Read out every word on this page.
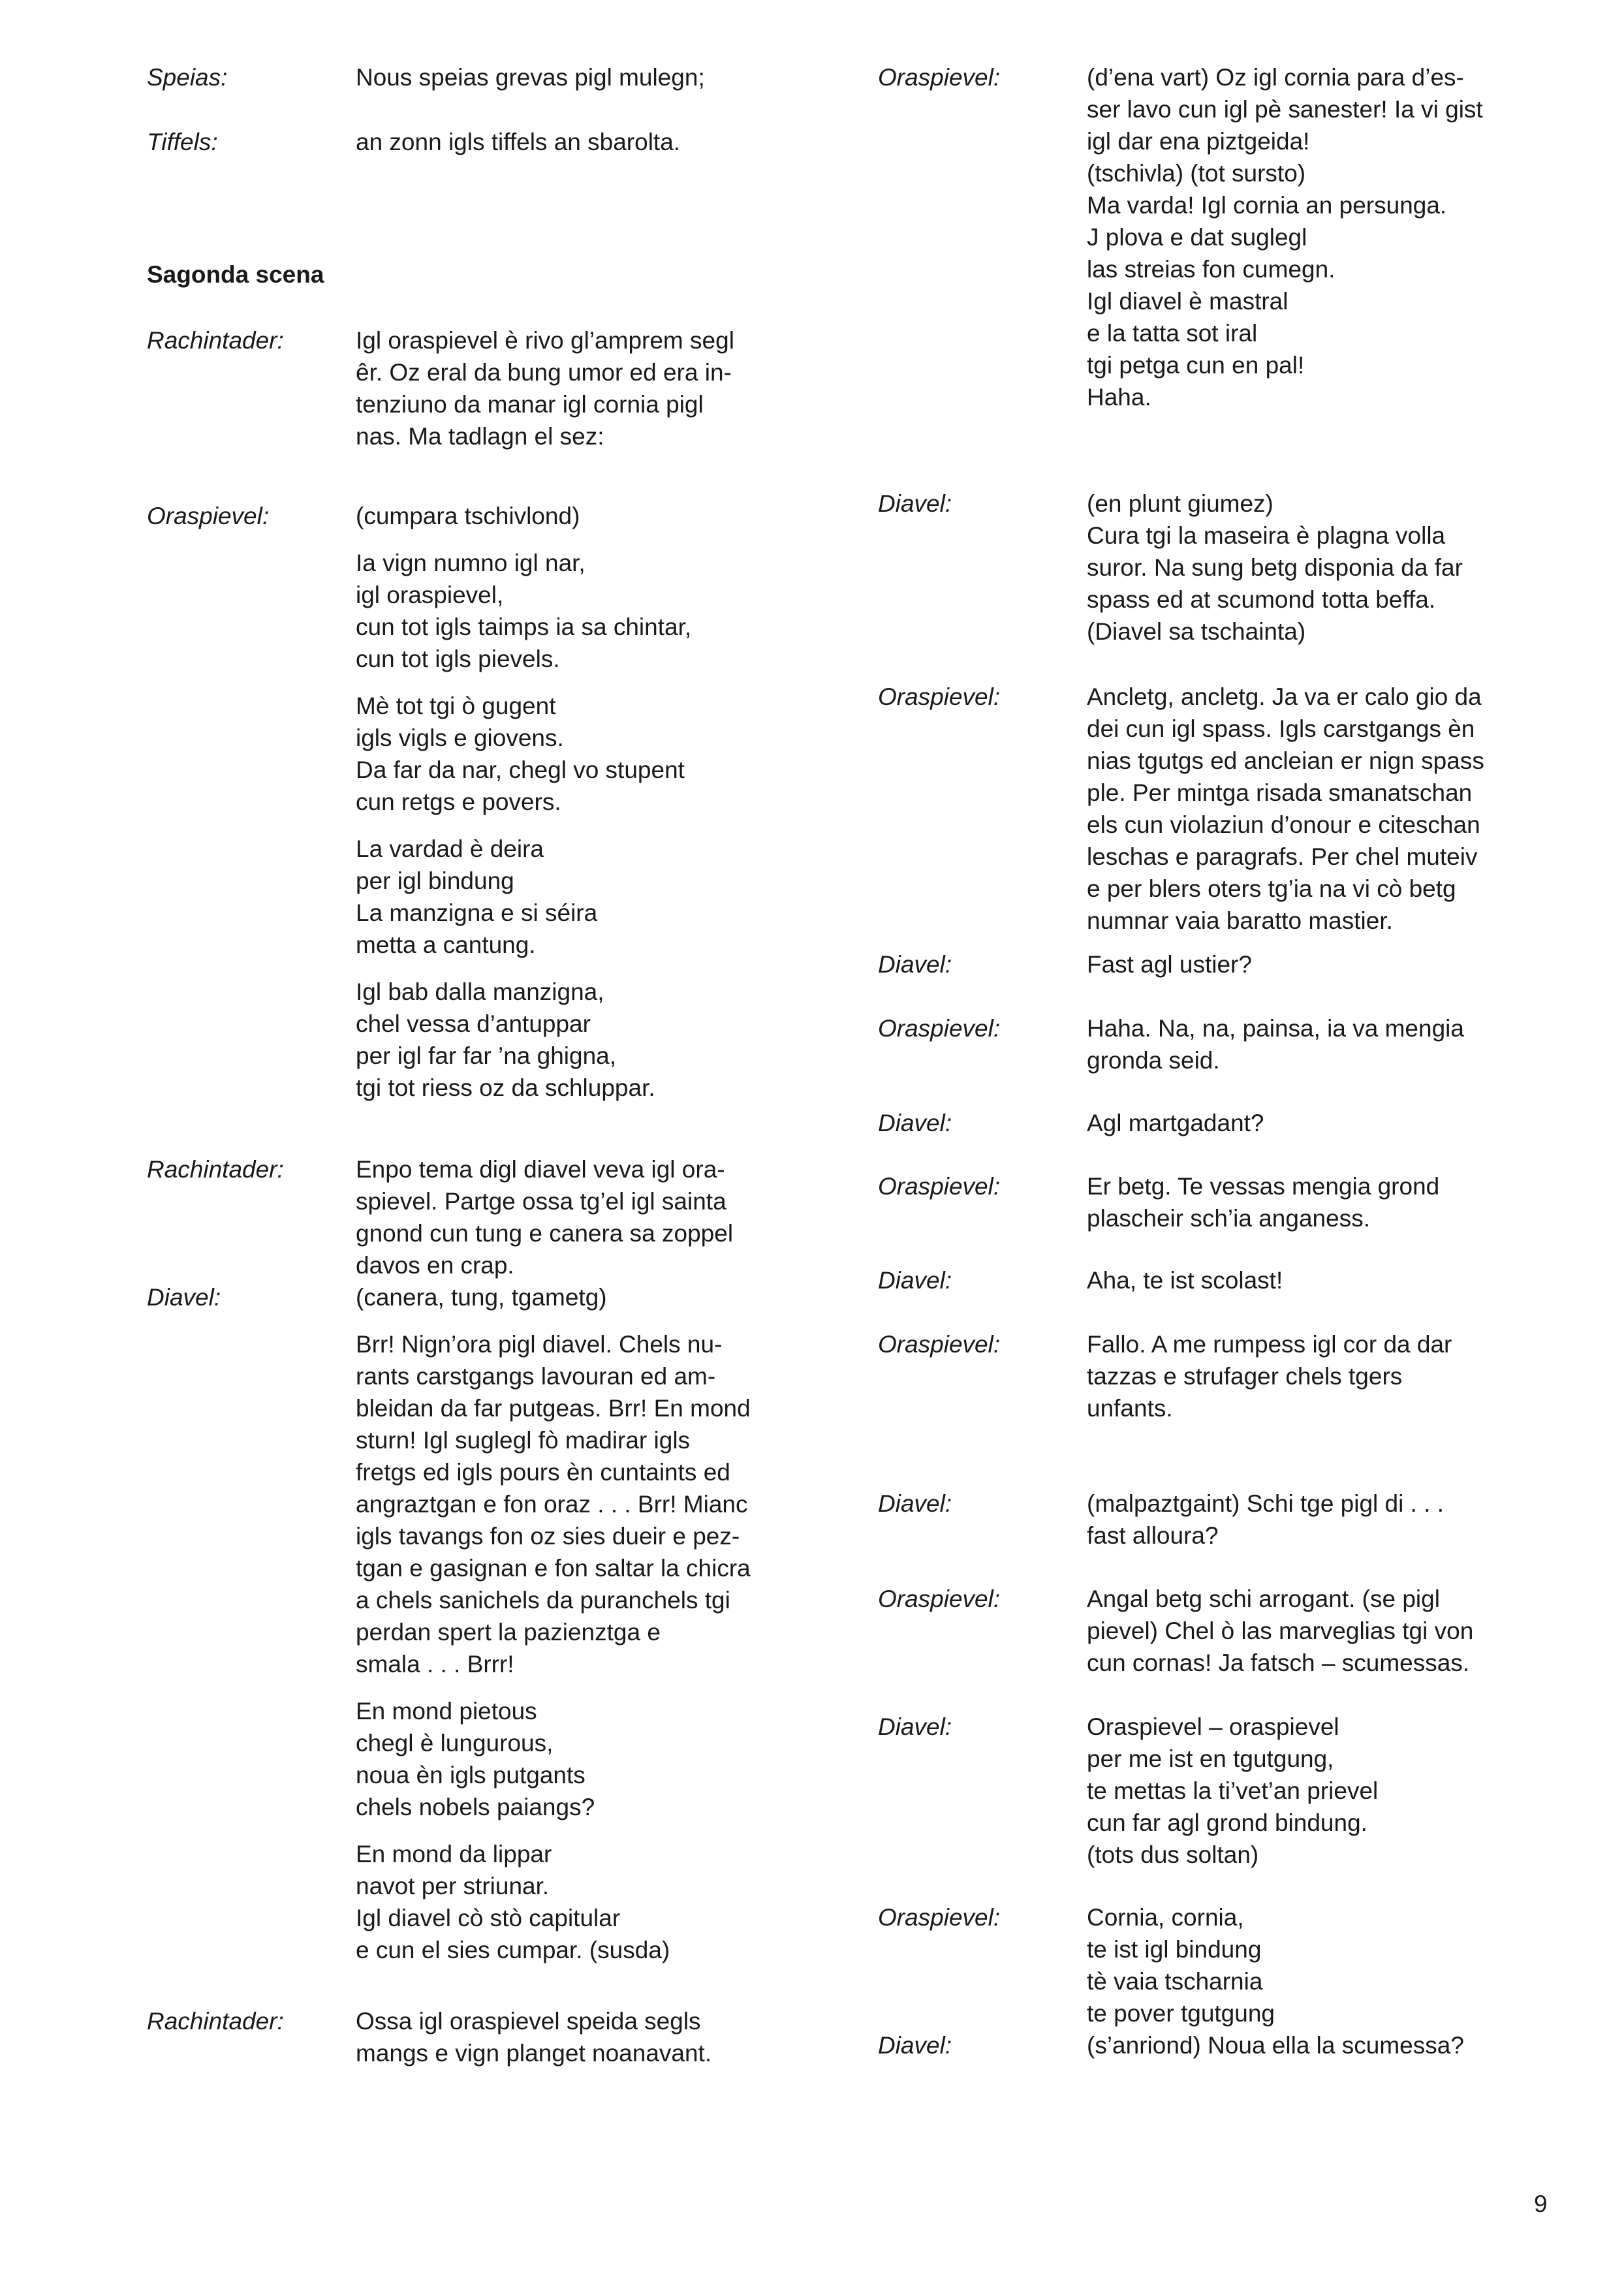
Speias:	Nous speias grevas pigl mulegn;

Tiffels:	an zonn igls tiffels an sbarolta.

Sagonda scena
Rachintader:	Igl oraspievel è rivo gl’amprem segl
êr. Oz eral da bung umor ed era in-
tenziuno da manar igl cornia pigl
nas. Ma tadlagn el sez:

Oraspievel:	(cumpara tschivlond)

Ia vign numno igl nar,
igl oraspievel,
cun tot igls taimps ia sa chintar,
cun tot igls pievels.

Mè tot tgi ò gugent
igls vigls e giovens.
Da far da nar, chegl vo stupent
cun retgs e povers.

La vardad è deira
per igl bindung
La manzigna e si séira
metta a cantung.

Igl bab dalla manzigna,
chel vessa d’antuppar
per igl far far ’na ghigna,
tgi tot riess oz da schluppar.

Rachintader:	Enpo tema digl diavel veva igl ora-
spievel. Partge ossa tg’el igl sainta
gnond cun tung e canera sa zoppel
davos en crap.

Diavel:	(canera, tung, tgametg)

Brr! Nign’ora pigl diavel. Chels nu-
rants carstgangs lavouran ed am-
bleidan da far putgeas. Brr! En mond
sturn! Igl suglegl fò madirar igls
fretgs ed igls pours èn cuntaints ed
angraztgan e fon oraz . . . Brr! Mianc
igls tavangs fon oz sies dueir e pez-
tgan e gasignan e fon saltar la chicra
a chels sanichels da puranchels tgi
perdan spert la pazienztga e
smala . . . Brrr!

En mond pietous
chegl è lungurous,
noua èn igls putgants
chels nobels paiangs?

En mond da lippar
navot per striunar.
Igl diavel cò stò capitular
e cun el sies cumpar. (susda)

Rachintader:	Ossa igl oraspievel speida segls
mangs e vign planget noanavant.

Oraspievel:	(d’ena vart) Oz igl cornia para d’es-
ser lavo cun igl pè sanester! Ia vi gist
igl dar ena piztgeida!
(tschivla) (tot sursto)
Ma varda! Igl cornia an persunga.
J plova e dat suglegl
las streias fon cumegn.
Igl diavel è mastral
e la tatta sot iral
tgi petga cun en pal!
Haha.

Diavel:	(en plunt giumez)
Cura tgi la maseira è plagna volla
suror. Na sung betg disponia da far
spass ed at scumond totta beffa.
(Diavel sa tschainta)

Oraspievel:	Ancletg, ancletg. Ja va er calo gio da
dei cun igl spass. Igls carstgangs èn
nias tgutgs ed ancleian er nign spass
ple. Per mintga risada smanatschan
els cun violaziun d’onour e citeschan
leschas e paragrafs. Per chel muteiv
e per blers oters tg’ia na vi cò betg
numnar vaia baratto mastier.

Diavel:	Fast agl ustier?

Oraspievel:	Haha. Na, na, painsa, ia va mengia
gronda seid.

Diavel:	Agl martgadant?

Oraspievel:	Er betg. Te vessas mengia grond
plascheir sch’ia anganess.

Diavel:	Aha, te ist scolast!

Oraspievel:	Fallo. A me rumpess igl cor da dar
tazzas e strufager chels tgers
unfants.

Diavel:	(malpaztgaint) Schi tge pigl di . . .
fast alloura?

Oraspievel:	Angal betg schi arrogant. (se pigl
pievel) Chel ò las marveglias tgi von
cun cornas! Ja fatsch – scumessas.

Diavel:	Oraspievel – oraspievel
per me ist en tgutgung,
te mettas la ti’vet’an prievel
cun far agl grond bindung.
(tots dus soltan)

Oraspievel:	Cornia, cornia,
te ist igl bindung
tè vaia tscharnia
te pover tgutgung

Diavel:	(s’anriond) Noua ella la scumessa?

9
